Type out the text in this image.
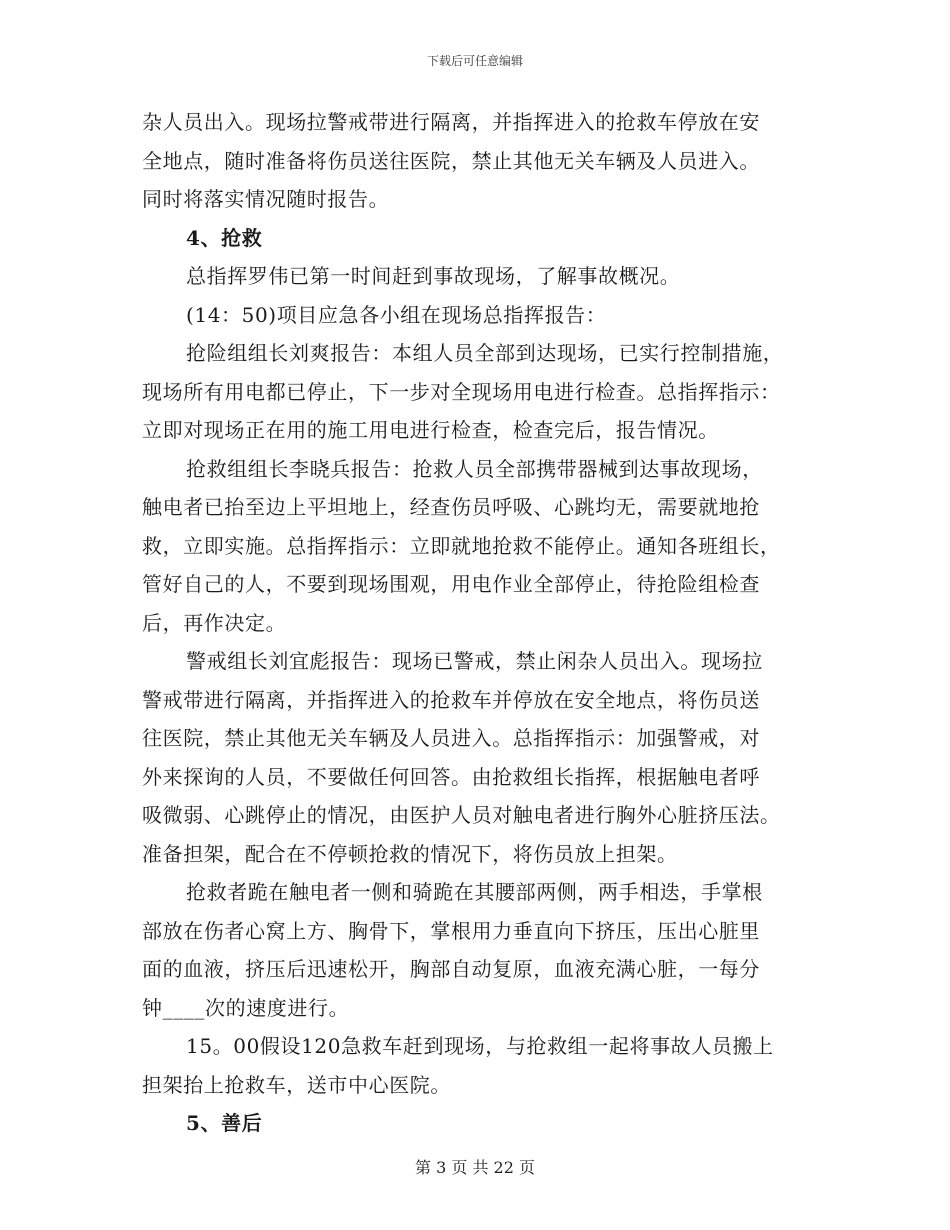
下载后可任意编辑
杂人员出入。现场拉警戒带进行隔离，并指挥进入的抢救车停放在安
全地点，随时准备将伤员送往医院，禁止其他无关车辆及人员进入。
同时将落实情况随时报告。
4、抢救
总指挥罗伟已第一时间赶到事故现场，了解事故概况。
(14：50)项目应急各小组在现场总指挥报告：
抢险组组长刘爽报告：本组人员全部到达现场，已实行控制措施，
现场所有用电都已停止，下一步对全现场用电进行检查。总指挥指示：
立即对现场正在用的施工用电进行检查，检查完后，报告情况。
抢救组组长李晓兵报告：抢救人员全部携带器械到达事故现场，
触电者已抬至边上平坦地上，经查伤员呼吸、心跳均无，需要就地抢
救，立即实施。总指挥指示：立即就地抢救不能停止。通知各班组长，
管好自己的人，不要到现场围观，用电作业全部停止，待抢险组检查
后，再作决定。
警戒组长刘宜彪报告：现场已警戒，禁止闲杂人员出入。现场拉
警戒带进行隔离，并指挥进入的抢救车并停放在安全地点，将伤员送
往医院，禁止其他无关车辆及人员进入。总指挥指示：加强警戒，对
外来探询的人员，不要做任何回答。由抢救组长指挥，根据触电者呼
吸微弱、心跳停止的情况，由医护人员对触电者进行胸外心脏挤压法。
准备担架，配合在不停顿抢救的情况下，将伤员放上担架。
抢救者跪在触电者一侧和骑跪在其腰部两侧，两手相迭，手掌根
部放在伤者心窝上方、胸骨下，掌根用力垂直向下挤压，压出心脏里
面的血液，挤压后迅速松开，胸部自动复原，血液充满心脏，一每分
钟____次的速度进行。
15。00假设120急救车赶到现场，与抢救组一起将事故人员搬上
担架抬上抢救车，送市中心医院。
5、善后
第 3 页 共 22 页
